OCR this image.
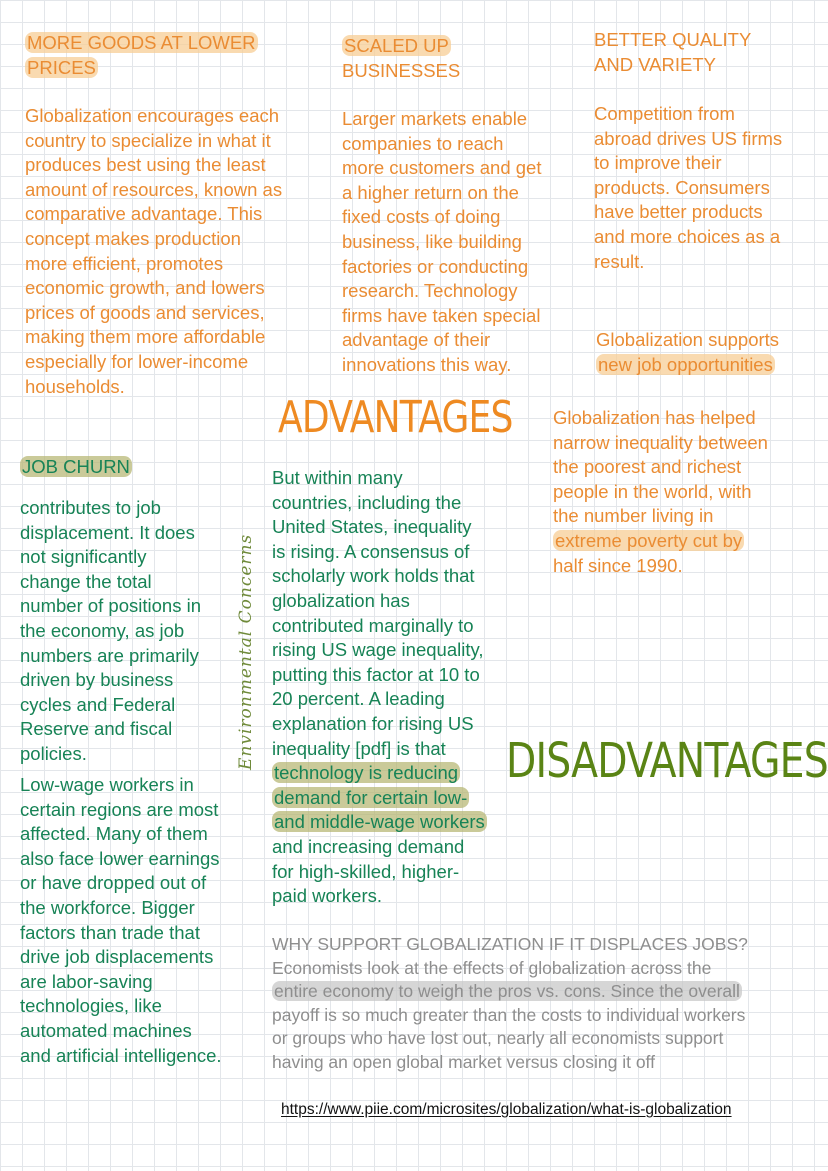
MORE GOODS AT LOWER

PRICES

Globalization encourages each

country to specialize in what it

produces best using the least

amount of resources, known as

comparative advantage. This

concept makes production

more efficient, promotes

economic growth, and lowers

prices of goods and services,

making them more affordable

especially for lower-income

households.

SCALED UP

BUSINESSES

Larger markets enable

companies to reach

more customers and get

a higher return on the

fixed costs of doing

business, like building

factories or conducting

research. Technology

firms have taken special

advantage of their

innovations this way.

BETTER QUALITY

AND VARIETY

Competition from

abroad drives US firms

to improve their

products. Consumers

have better products

and more choices as a

result.

Globalization supports

new job opportunities

ADVANTAGES Globalization has helped

narrow inequality between

the poorest and richest

people in the world, with

the number living in

extreme poverty cut by

half since 1990.

JOB CHURN

contributes to job

displacement. It does

not significantly

change the total

number of positions in

the economy, as job

numbers are primarily

driven by business

cycles and Federal

Reserve and fiscal

policies.

Low-wage workers in

certain regions are most

affected. Many of them

also face lower earnings

or have dropped out of

the workforce. Bigger

factors than trade that

drive job displacements

are labor-saving

technologies, like

automated machines

and artificial intelligence.

Environmental Concerns

But within many

countries, including the

United States, inequality

is rising. A consensus of

scholarly work holds that

globalization has

contributed marginally to

rising US wage inequality,

putting this factor at 10 to

20 percent. A leading

explanation for rising US

inequality [pdf] is that

technology is reducing

demand for certain low-

and middle-wage workers

and increasing demand

for high-skilled, higher-

paid workers.

DISADVANTAGES

WHY SUPPORT GLOBALIZATION IF IT DISPLACES JOBS?

Economists look at the effects of globalization across the

entire economy to weigh the pros vs. cons. Since the overall

payoff is so much greater than the costs to individual workers

or groups who have lost out, nearly all economists support

having an open global market versus closing it off

https://www.piie.com/microsites/globalization/what-is-globalization
